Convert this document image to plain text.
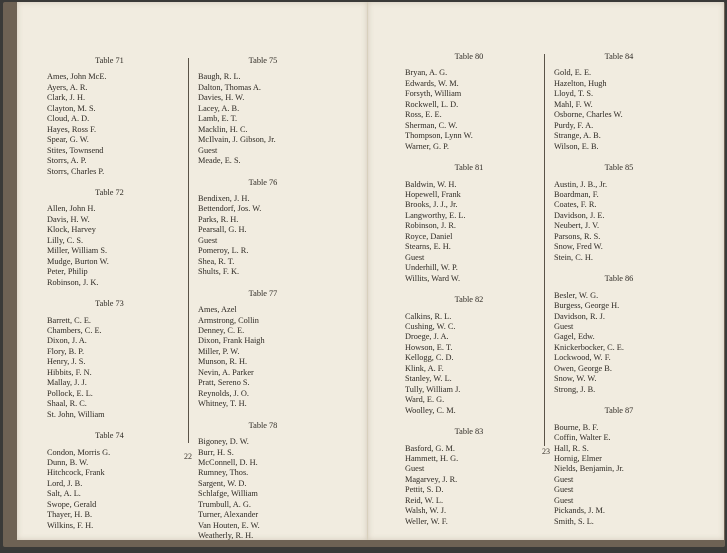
Table 71
Ames, John McE.
Ayers, A. R.
Clark, J. H.
Clayton, M. S.
Cloud, A. D.
Hayes, Ross F.
Spear, G. W.
Stites, Townsend
Storrs, A. P.
Storrs, Charles P.
Table 72
Allen, John H.
Davis, H. W.
Klock, Harvey
Lilly, C. S.
Miller, William S.
Mudge, Burton W.
Peter, Philip
Robinson, J. K.
Table 73
Barrett, C. E.
Chambers, C. E.
Dixon, J. A.
Flory, B. P.
Henry, J. S.
Hibbits, F. N.
Mallay, J. J.
Pollock, E. L.
Shaal, R. C.
St. John, William
Table 74
Condon, Morris G.
Dunn, B. W.
Hitchcock, Frank
Lord, J. B.
Salt, A. L.
Swope, Gerald
Thayer, H. B.
Wilkins, F. H.
Table 75
Baugh, R. L.
Dalton, Thomas A.
Davies, H. W.
Lacey, A. B.
Lamb, E. T.
Macklin, H. C.
McIlvain, J. Gibson, Jr.
Guest
Meade, E. S.
Table 76
Bendixen, J. H.
Bettendorf, Jos. W.
Parks, R. H.
Pearsall, G. H.
Guest
Pomeroy, L. R.
Shea, R. T.
Shults, F. K.
Table 77
Ames, Azel
Armstrong, Collin
Denney, C. E.
Dixon, Frank Haigh
Miller, P. W.
Munson, R. H.
Nevin, A. Parker
Pratt, Sereno S.
Reynolds, J. O.
Whitney, T. H.
Table 78
Bigoney, D. W.
Burr, H. S.
McConnell, D. H.
Rumney, Thos.
Sargent, W. D.
Schlafge, William
Trumbull, A. G.
Turner, Alexander
Van Houten, E. W.
Weatherly, R. H.
Table 80
Bryan, A. G.
Edwards, W. M.
Forsyth, William
Rockwell, L. D.
Ross, E. E.
Sherman, C. W.
Thompson, Lynn W.
Warner, G. P.
Table 81
Baldwin, W. H.
Hopewell, Frank
Brooks, J. J., Jr.
Langworthy, E. L.
Robinson, J. R.
Royce, Daniel
Stearns, E. H.
Guest
Underhill, W. P.
Willits, Ward W.
Table 82
Calkins, R. L.
Cushing, W. C.
Droege, J. A.
Howson, E. T.
Kellogg, C. D.
Klink, A. F.
Stanley, W. L.
Tully, William J.
Ward, E. G.
Woolley, C. M.
Table 83
Basford, G. M.
Hammett, H. G.
Guest
Magarvey, J. R.
Pettit, S. D.
Reid, W. L.
Walsh, W. J.
Weller, W. F.
Table 84
Gold, E. E.
Hazelton, Hugh
Lloyd, T. S.
Mahl, F. W.
Osborne, Charles W.
Purdy, F. A.
Strange, A. B.
Wilson, E. B.
Table 85
Austin, J. B., Jr.
Boardman, F.
Coates, F. R.
Davidson, J. E.
Neubert, J. V.
Parsons, R. S.
Snow, Fred W.
Stein, C. H.
Table 86
Besler, W. G.
Burgess, George H.
Davidson, R. J.
Guest
Gagel, Edw.
Knickerbocker, C. E.
Lockwood, W. F.
Owen, George B.
Snow, W. W.
Strong, J. B.
Table 87
Bourne, B. F.
Coffin, Walter E.
Hall, R. S.
Hornig, Elmer
Nields, Benjamin, Jr.
Guest
Guest
Guest
Pickands, J. M.
Smith, S. L.
22
23
